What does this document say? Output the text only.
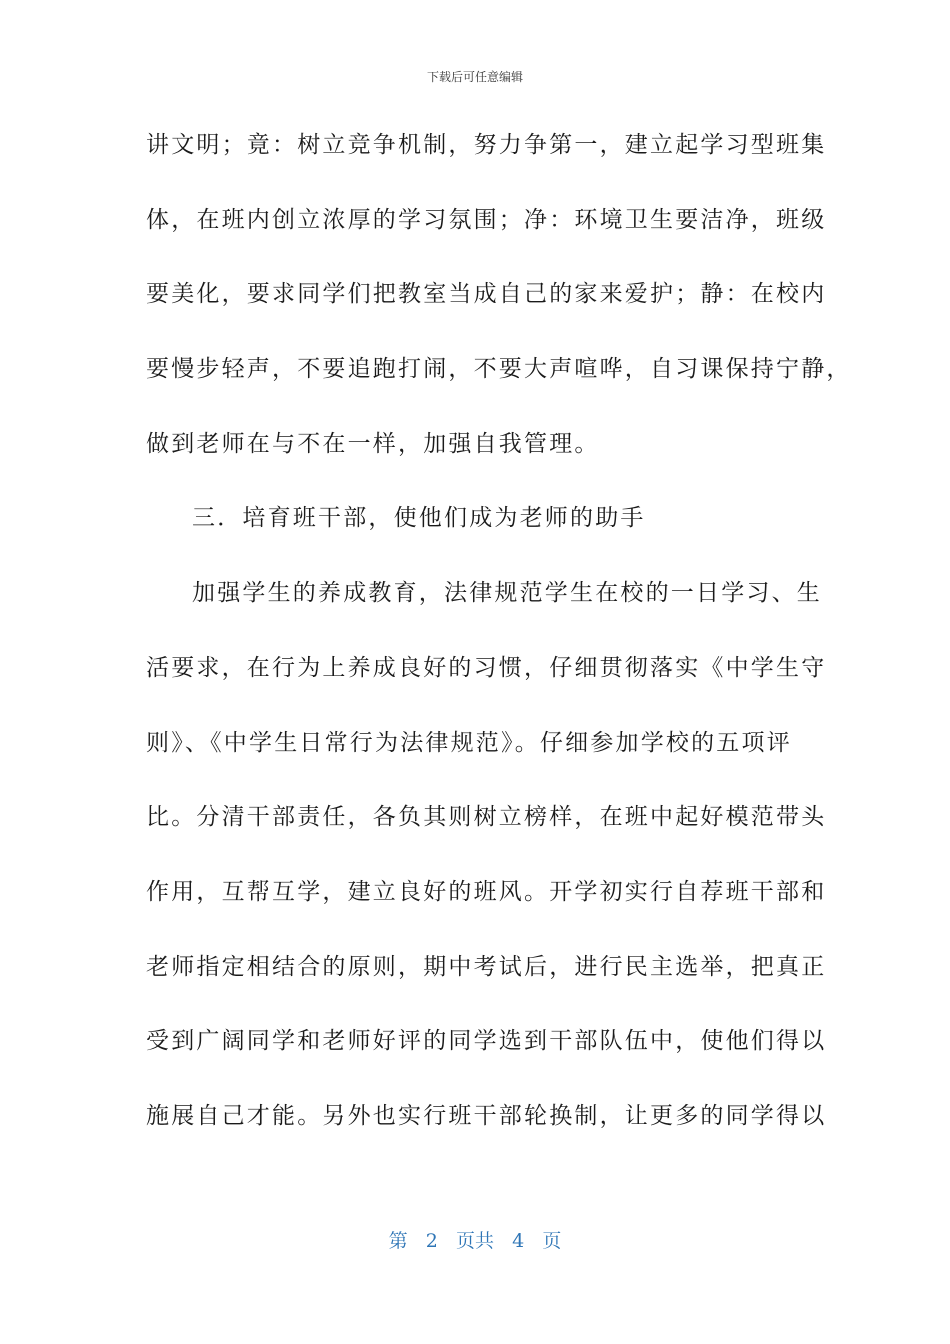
下载后可任意编辑
讲文明；竟：树立竞争机制，努力争第一，建立起学习型班集
体，在班内创立浓厚的学习氛围；净：环境卫生要洁净，班级
要美化，要求同学们把教室当成自己的家来爱护；静：在校内
要慢步轻声，不要追跑打闹，不要大声喧哗，自习课保持宁静，
做到老师在与不在一样，加强自我管理。
三．培育班干部，使他们成为老师的助手
加强学生的养成教育，法律规范学生在校的一日学习、生
活要求，在行为上养成良好的习惯，仔细贯彻落实《中学生守
则》、《中学生日常行为法律规范》。仔细参加学校的五项评
比。分清干部责任，各负其则树立榜样，在班中起好模范带头
作用，互帮互学，建立良好的班风。开学初实行自荐班干部和
老师指定相结合的原则，期中考试后，进行民主选举，把真正
受到广阔同学和老师好评的同学选到干部队伍中，使他们得以
施展自己才能。另外也实行班干部轮换制，让更多的同学得以
第 2 页共 4 页
